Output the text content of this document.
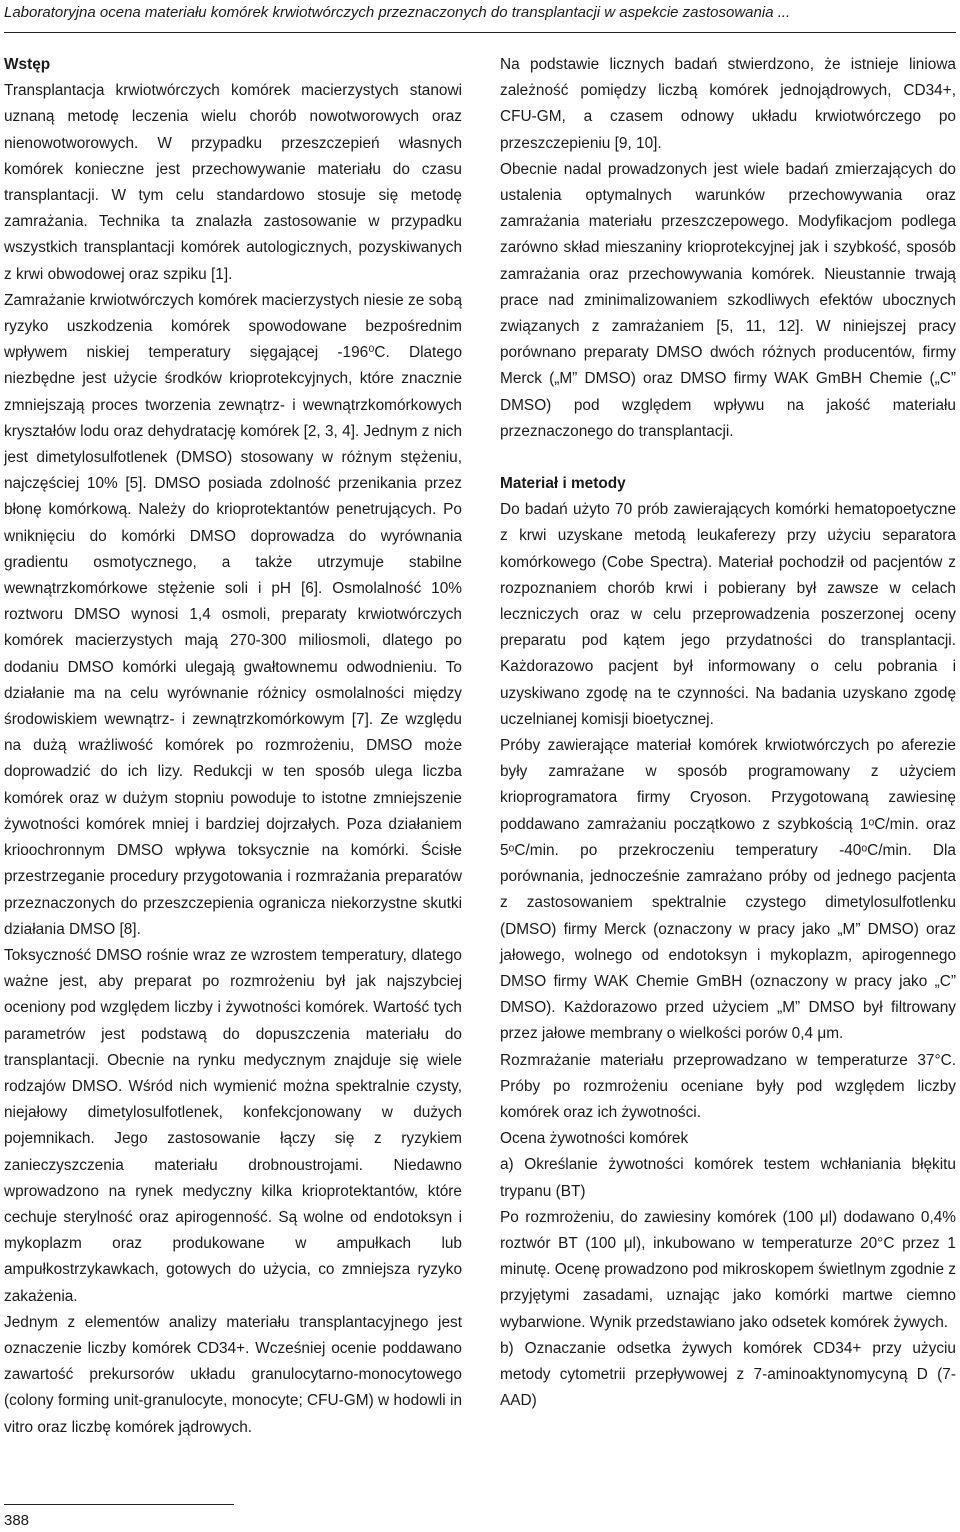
Laboratoryjna ocena materiału komórek krwiotwórczych przeznaczonych do transplantacji w aspekcie zastosowania ...

Wstęp

Transplantacja krwiotwórczych komórek macierzystych stanowi uznaną metodę leczenia wielu chorób nowotworowych oraz nienowotworowych. W przypadku przeszczepień własnych komórek konieczne jest przechowywanie materiału do czasu transplantacji. W tym celu standardowo stosuje się metodę zamrażania. Technika ta znalazła zastosowanie w przypadku wszystkich transplantacji komórek autologicznych, pozyskiwanych z krwi obwodowej oraz szpiku [1].

Zamrażanie krwiotwórczych komórek macierzystych niesie ze sobą ryzyko uszkodzenia komórek spowodowane bezpośrednim wpływem niskiej temperatury sięgającej -196⁰C. Dlatego niezbędne jest użycie środków krioprotekcyjnych, które znacznie zmniejszają proces tworzenia zewnątrz- i wewnątrzkomórkowych kryształów lodu oraz dehydratację komórek [2, 3, 4]. Jednym z nich jest dimetylosulfotlenek (DMSO) stosowany w różnym stężeniu, najczęściej 10% [5]. DMSO posiada zdolność przenikania przez błonę komórkową. Należy do krioprotektantów penetrujących. Po wniknięciu do komórki DMSO doprowadza do wyrównania gradientu osmotycznego, a także utrzymuje stabilne wewnątrzkomórkowe stężenie soli i pH [6]. Osmolalność 10% roztworu DMSO wynosi 1,4 osmoli, preparaty krwiotwórczych komórek macierzystych mają 270-300 miliosmoli, dlatego po dodaniu DMSO komórki ulegają gwałtownemu odwodnieniu. To działanie ma na celu wyrównanie różnicy osmolalności między środowiskiem wewnątrz- i zewnątrzkomórkowym [7]. Ze względu na dużą wrażliwość komórek po rozmrożeniu, DMSO może doprowadzić do ich lizy. Redukcji w ten sposób ulega liczba komórek oraz w dużym stopniu powoduje to istotne zmniejszenie żywotności komórek mniej i bardziej dojrzałych. Poza działaniem krioochronnym DMSO wpływa toksycznie na komórki. Ścisłe przestrzeganie procedury przygotowania i rozmrażania preparatów przeznaczonych do przeszczepienia ogranicza niekorzystne skutki działania DMSO [8].

Toksyczność DMSO rośnie wraz ze wzrostem temperatury, dlatego ważne jest, aby preparat po rozmrożeniu był jak najszybciej oceniony pod względem liczby i żywotności komórek. Wartość tych parametrów jest podstawą do dopuszczenia materiału do transplantacji. Obecnie na rynku medycznym znajduje się wiele rodzajów DMSO. Wśród nich wymienić można spektralnie czysty, niejałowy dimetylosulfotlenek, konfekcjonowany w dużych pojemnikach. Jego zastosowanie łączy się z ryzykiem zanieczyszczenia materiału drobnoustrojami. Niedawno wprowadzono na rynek medyczny kilka krioprotektantów, które cechuje sterylność oraz apirogenność. Są wolne od endotoksyn i mykoplazm oraz produkowane w ampułkach lub ampułkostrzykawkach, gotowych do użycia, co zmniejsza ryzyko zakażenia.

Jednym z elementów analizy materiału transplantacyjnego jest oznaczenie liczby komórek CD34+. Wcześniej ocenie poddawano zawartość prekursorów układu granulocytarno-monocytowego (colony forming unit-granulocyte, monocyte; CFU-GM) w hodowli in vitro oraz liczbę komórek jądrowych.

Na podstawie licznych badań stwierdzono, że istnieje liniowa zależność pomiędzy liczbą komórek jednojądrowych, CD34+, CFU-GM, a czasem odnowy układu krwiotwórczego po przeszczepieniu [9, 10].

Obecnie nadal prowadzonych jest wiele badań zmierzających do ustalenia optymalnych warunków przechowywania oraz zamrażania materiału przeszczepowego. Modyfikacjom podlega zarówno skład mieszaniny krioprotekcyjnej jak i szybkość, sposób zamrażania oraz przechowywania komórek. Nieustannie trwają prace nad zminimalizowaniem szkodliwych efektów ubocznych związanych z zamrażaniem [5, 11, 12]. W niniejszej pracy porównano preparaty DMSO dwóch różnych producentów, firmy Merck („M” DMSO) oraz DMSO firmy WAK GmBH Chemie („C” DMSO) pod względem wpływu na jakość materiału przeznaczonego do transplantacji.

Materiał i metody

Do badań użyto 70 prób zawierających komórki hematopoetyczne z krwi uzyskane metodą leukaferezy przy użyciu separatora komórkowego (Cobe Spectra). Materiał pochodził od pacjentów z rozpoznaniem chorób krwi i pobierany był zawsze w celach leczniczych oraz w celu przeprowadzenia poszerzonej oceny preparatu pod kątem jego przydatności do transplantacji. Każdorazowo pacjent był informowany o celu pobrania i uzyskiwano zgodę na te czynności. Na badania uzyskano zgodę uczelnianej komisji bioetycznej.

Próby zawierające materiał komórek krwiotwórczych po aferezie były zamrażane w sposób programowany z użyciem krioprogramatora firmy Cryoson. Przygotowaną zawiesinę poddawano zamrażaniu początkowo z szybkością 1ᵒC/min. oraz 5ᵒC/min. po przekroczeniu temperatury -40ᵒC/min. Dla porównania, jednocześnie zamrażano próby od jednego pacjenta z zastosowaniem spektralnie czystego dimetylosulfotlenku (DMSO) firmy Merck (oznaczony w pracy jako „M” DMSO) oraz jałowego, wolnego od endotoksyn i mykoplazm, apirogennego DMSO firmy WAK Chemie GmBH (oznaczony w pracy jako „C” DMSO). Każdorazowo przed użyciem „M” DMSO był filtrowany przez jałowe membrany o wielkości porów 0,4 μm.

Rozmrażanie materiału przeprowadzano w temperaturze 37°C. Próby po rozmrożeniu oceniane były pod względem liczby komórek oraz ich żywotności.

Ocena żywotności komórek

a) Określanie żywotności komórek testem wchłaniania błękitu trypanu (BT)

Po rozmrożeniu, do zawiesiny komórek (100 μl) dodawano 0,4% roztwór BT (100 μl), inkubowano w temperaturze 20°C przez 1 minutę. Ocenę prowadzono pod mikroskopem świetlnym zgodnie z przyjętymi zasadami, uznając jako komórki martwe ciemno wybarwione. Wynik przedstawiano jako odsetek komórek żywych.

b) Oznaczanie odsetka żywych komórek CD34+ przy użyciu metody cytometrii przepływowej z 7-aminoaktynomycyną D (7-AAD)

388
